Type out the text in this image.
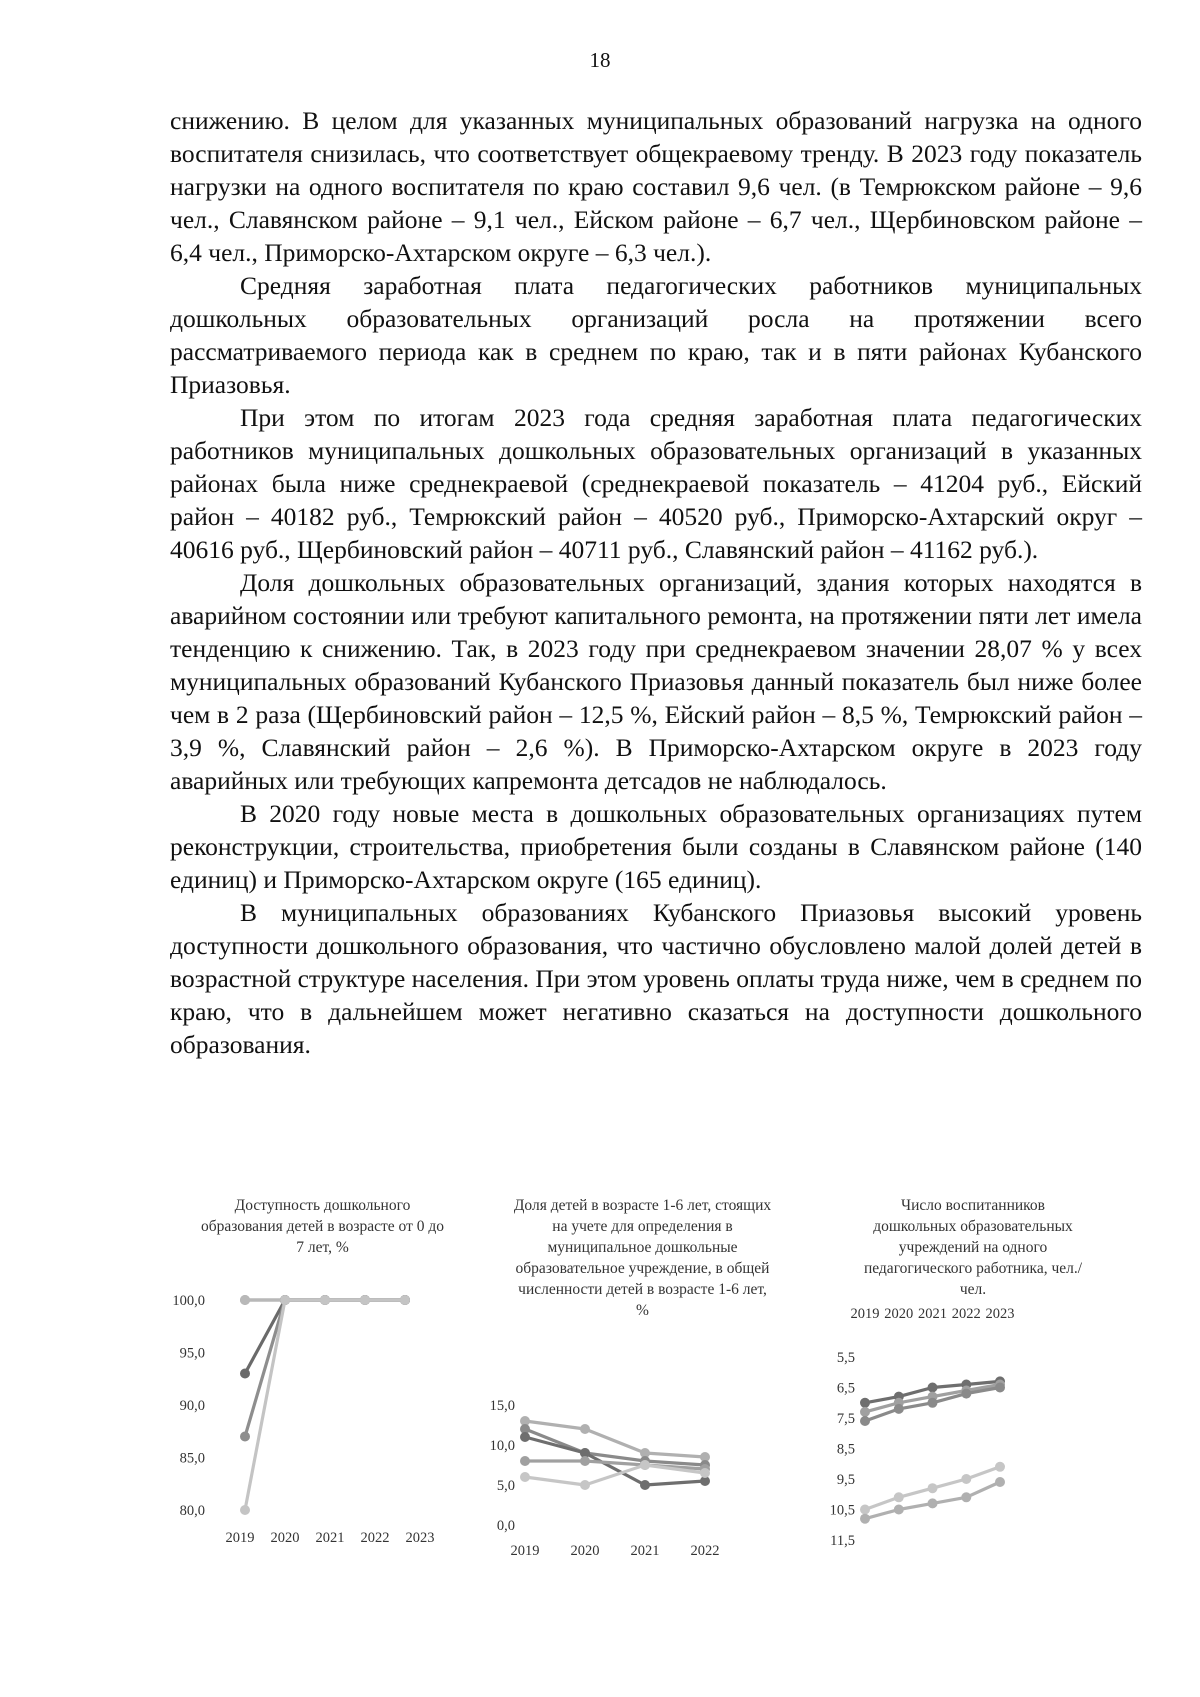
18

снижению. В целом для указанных муниципальных образований нагрузка на одного воспитателя снизилась, что соответствует общекраевому тренду. В 2023 году показатель нагрузки на одного воспитателя по краю составил 9,6 чел. (в Темрюкском районе – 9,6 чел., Славянском районе – 9,1 чел., Ейском районе – 6,7 чел., Щербиновском районе – 6,4 чел., Приморско-Ахтарском округе – 6,3 чел.).

Средняя заработная плата педагогических работников муниципальных дошкольных образовательных организаций росла на протяжении всего рассматриваемого периода как в среднем по краю, так и в пяти районах Кубанского Приазовья.

При этом по итогам 2023 года средняя заработная плата педагогических работников муниципальных дошкольных образовательных организаций в указанных районах была ниже среднекраевой (среднекраевой показатель – 41204 руб., Ейский район – 40182 руб., Темрюкский район – 40520 руб., Приморско-Ахтарский округ – 40616 руб., Щербиновский район – 40711 руб., Славянский район – 41162 руб.).

Доля дошкольных образовательных организаций, здания которых находятся в аварийном состоянии или требуют капитального ремонта, на протяжении пяти лет имела тенденцию к снижению. Так, в 2023 году при среднекраевом значении 28,07 % у всех муниципальных образований Кубанского Приазовья данный показатель был ниже более чем в 2 раза (Щербиновский район – 12,5 %, Ейский район – 8,5 %, Темрюкский район – 3,9 %, Славянский район – 2,6 %). В Приморско-Ахтарском округе в 2023 году аварийных или требующих капремонта детсадов не наблюдалось.

В 2020 году новые места в дошкольных образовательных организациях путем реконструкции, строительства, приобретения были созданы в Славянском районе (140 единиц) и Приморско-Ахтарском округе (165 единиц).

В муниципальных образованиях Кубанского Приазовья высокий уровень доступности дошкольного образования, что частично обусловлено малой долей детей в возрастной структуре населения. При этом уровень оплаты труда ниже, чем в среднем по краю, что в дальнейшем может негативно сказаться на доступности дошкольного образования.

Доступность дошкольного образования детей в возрасте от 0 до 7 лет, %
100,0
95,0
90,0
85,0
80,0
2019 2020 2021 2022 2023
Доля детей в возрасте 1-6 лет, стоящих на учете для определения в муниципальное дошкольные образовательное учреждение, в общей численности детей в возрасте 1-6 лет, %
15,0
10,0
5,0
0,0
2019 2020 2021 2022
Число воспитанников дошкольных образовательных учреждений на одного педагогического работника, чел./чел.
5,5
6,5
7,5
8,5
9,5
10,5
11,5
2019 2020 2021 2022 2023
